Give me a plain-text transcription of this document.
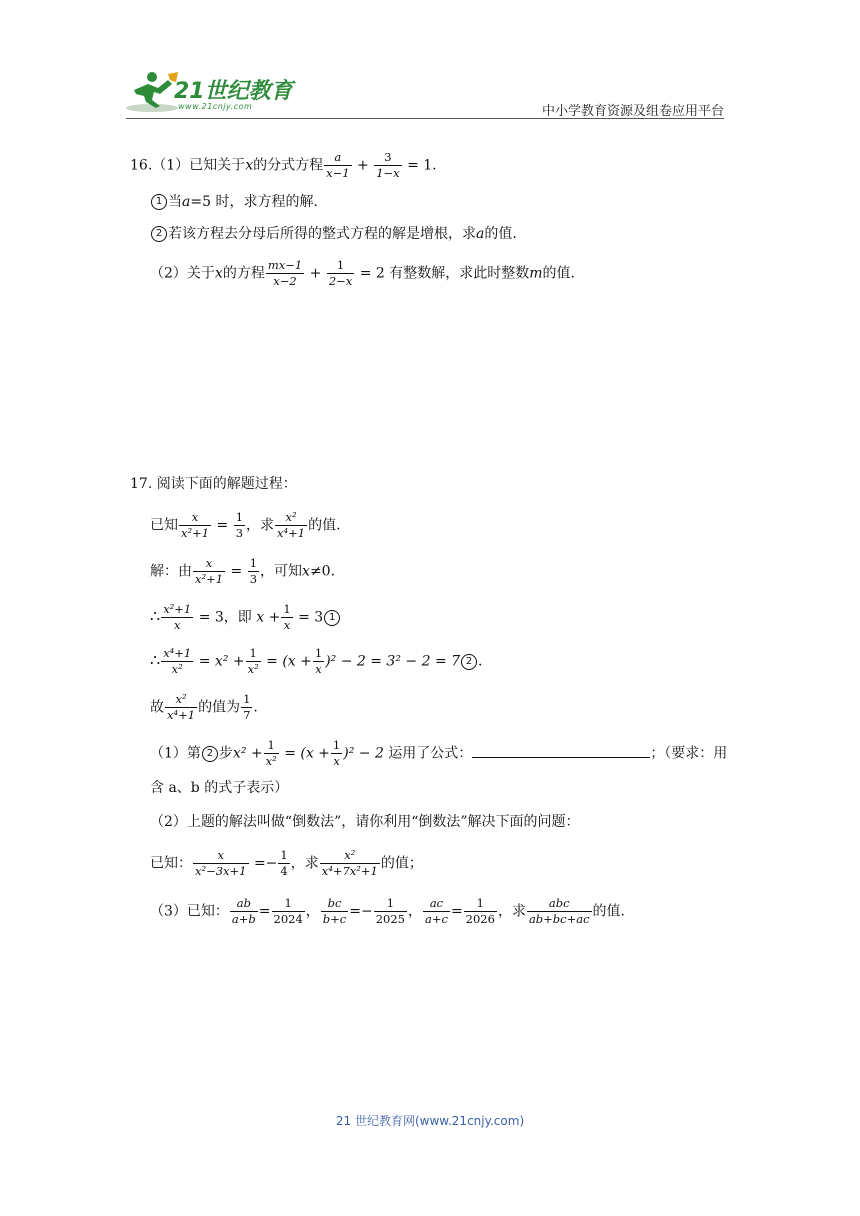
21世纪教育
www.21cnjy.com	中小学教育资源及组卷应用平台
16.（1）已知关于x的分式方程 $\frac{a}{x-1} + \frac{3}{1-x} = 1$.
1 当a=5 时，求方程的解.
2 若该方程去分母后所得的整式方程的解是增根，求a的值.
（2）关于x的方程 $\frac{mx-1}{x-2} + \frac{1}{2-x} = 2$ 有整数解，求此时整数m的值.
17. 阅读下面的解题过程：
已知 $\frac{x}{\text{x²+1}} = \frac{1}{3}$ ，求 $\frac{\text{x²}}{\text{x⁴+1}}$ 的值.
解：由 $\frac{x}{\text{x²+1}} = \frac{1}{3}$ ，可知x≠0.
∴ $\frac{\text{x²+1}}{x} = 3$，即 $x + \frac{1}{x} = 3$ 1
∴ $\frac{\text{x⁴+1}}{\text{x²}} = x^2 + \frac{1}{\text{x²}} = (x + \frac{1}{x} )^2 - 2 = 3^2 - 2 = 7$ 2 .
故 $\frac{\text{x²}}{\text{x⁴+1}}$ 的值为 $\frac{1}{7}$ .
（1）第 2 步$x^2 + \frac{1}{\text{x²}} = (x + \frac{1}{x} )^2 - 2$ 运用了公式：	；（要求：用
含 a、b 的式子表示）
（2）上题的解法叫做“倒数法”，请你利用“倒数法”解决下面的问题：
已知： $\frac{x}{\text{x²−3x+1}} =- \frac{1}{4}$ ，求 $\frac{\text{x²}}{\text{x⁴+7x²+1}}$ 的值；
（3）已知： $\frac{ab}{a+b} = \frac{1}{2024}$ ， $\frac{bc}{b+c} =- \frac{1}{2025}$ ， $\frac{ac}{a+c} = \frac{1}{2026}$ ，求 $\frac{\text{abc}}{ab+bc+ac}$ 的值.
21 世纪教育网(www.21cnjy.com)
